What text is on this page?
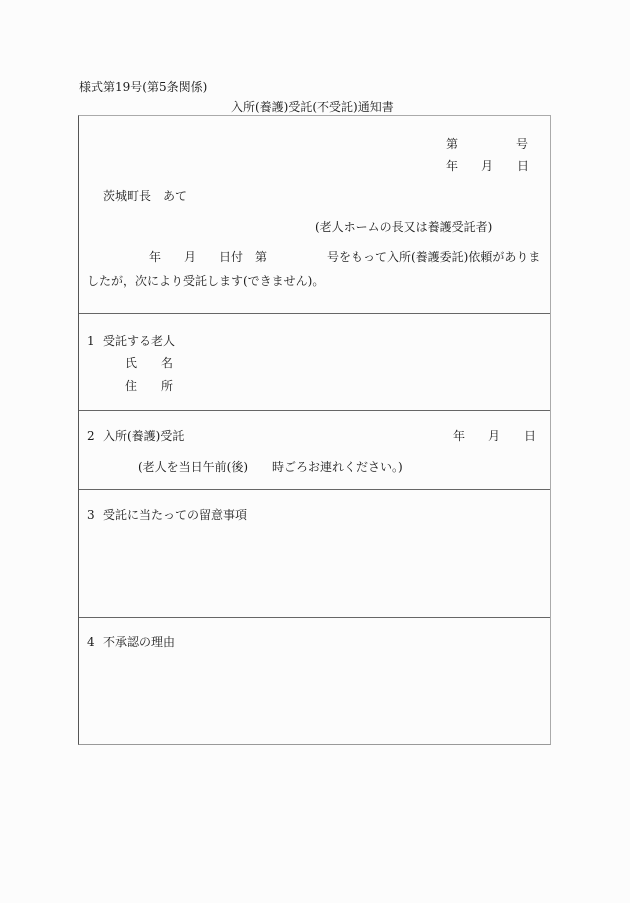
様式第19号(第5条関係)
入所(養護)受託(不受託)通知書
第	号
年 月 日
茨城町長　あて
(老人ホームの長又は養護受託者)
年 月 日付　第	号をもって入所(養護委託)依頼がありま
したが，次により受託します(できません)。
1 受託する老人
氏　　名
住　　所
2 入所(養護)受託	年 月 日
(老人を当日午前(後) 時ごろお連れください。)
3 受託に当たっての留意事項
4 不承認の理由
